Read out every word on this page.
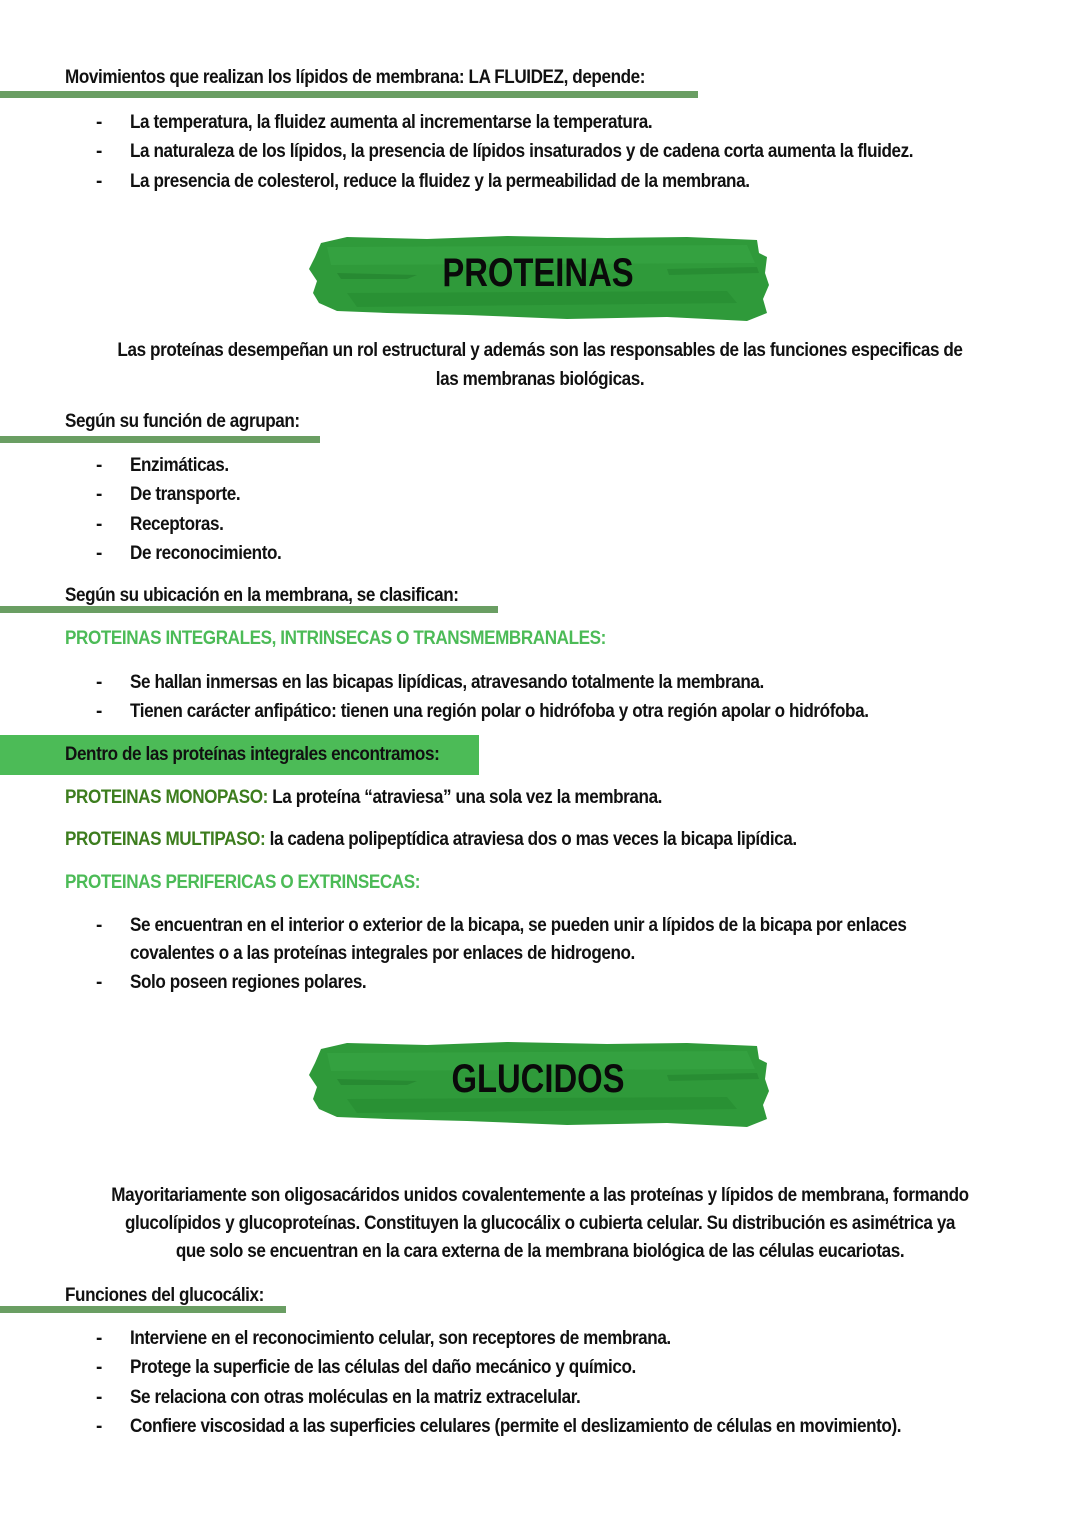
Movimientos que realizan los lípidos de membrana: LA FLUIDEZ, depende:
-	La temperatura, la fluidez aumenta al incrementarse la temperatura.
-	La naturaleza de los lípidos, la presencia de lípidos insaturados y de cadena corta aumenta la fluidez.
-	La presencia de colesterol, reduce la fluidez y la permeabilidad de la membrana.
PROTEINAS
Las proteínas desempeñan un rol estructural y además son las responsables de las funciones especificas de
las membranas biológicas.
Según su función de agrupan:
-	Enzimáticas.
-	De transporte.
-	Receptoras.
-	De reconocimiento.
Según su ubicación en la membrana, se clasifican:
PROTEINAS INTEGRALES, INTRINSECAS O TRANSMEMBRANALES:
-	Se hallan inmersas en las bicapas lipídicas, atravesando totalmente la membrana.
-	Tienen carácter anfipático: tienen una región polar o hidrófoba y otra región apolar o hidrófoba.
Dentro de las proteínas integrales encontramos:
PROTEINAS MONOPASO: La proteína “atraviesa” una sola vez la membrana.
PROTEINAS MULTIPASO: la cadena polipeptídica atraviesa dos o mas veces la bicapa lipídica.
PROTEINAS PERIFERICAS O EXTRINSECAS:
-	Se encuentran en el interior o exterior de la bicapa, se pueden unir a lípidos de la bicapa por enlaces
covalentes o a las proteínas integrales por enlaces de hidrogeno.
-	Solo poseen regiones polares.
GLUCIDOS
Mayoritariamente son oligosacáridos unidos covalentemente a las proteínas y lípidos de membrana, formando
glucolípidos y glucoproteínas. Constituyen la glucocálix o cubierta celular. Su distribución es asimétrica ya
que solo se encuentran en la cara externa de la membrana biológica de las células eucariotas.
Funciones del glucocálix:
-	Interviene en el reconocimiento celular, son receptores de membrana.
-	Protege la superficie de las células del daño mecánico y químico.
-	Se relaciona con otras moléculas en la matriz extracelular.
-	Confiere viscosidad a las superficies celulares (permite el deslizamiento de células en movimiento).
